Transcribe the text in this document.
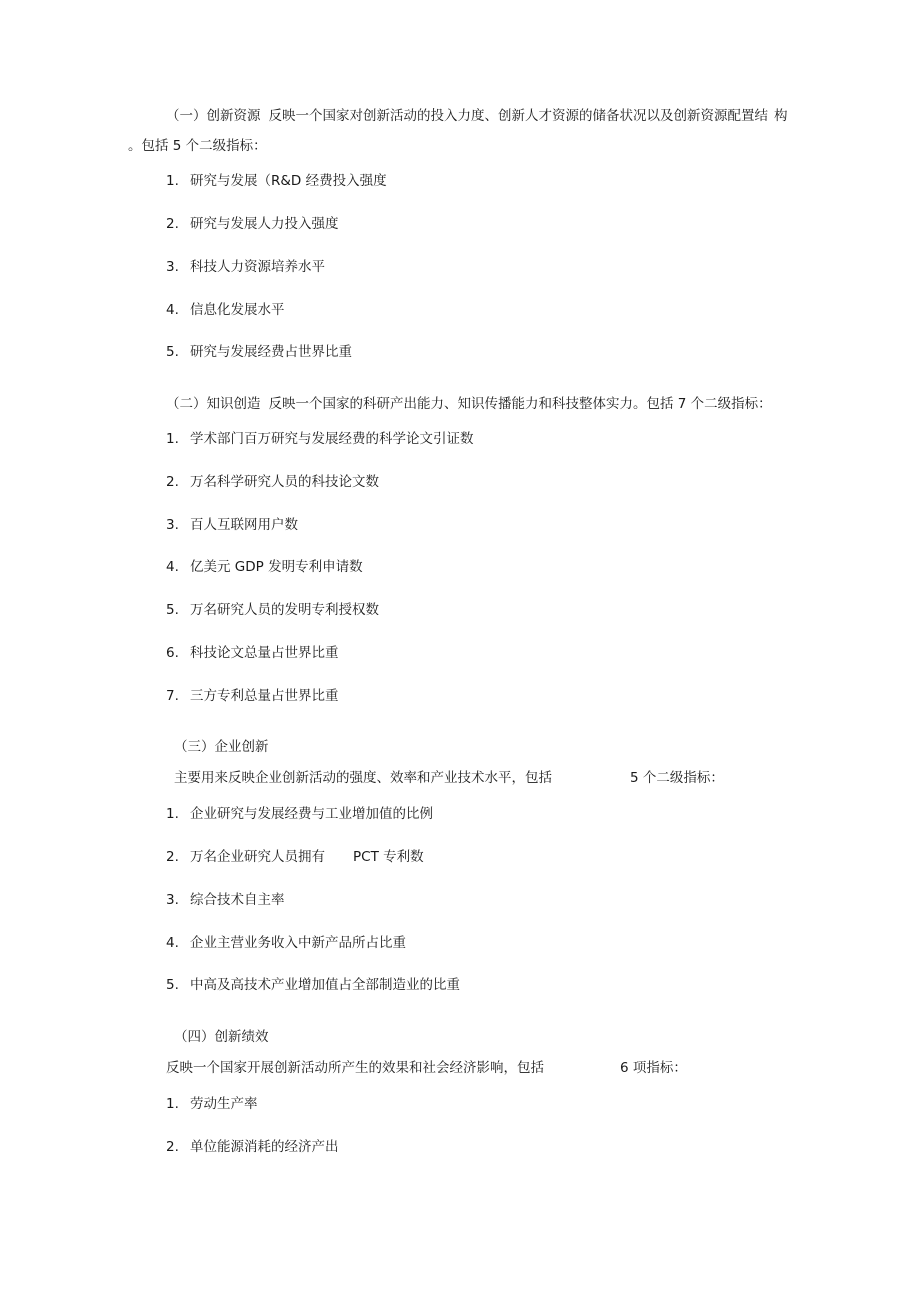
（一）创新资源 反映一个国家对创新活动的投入力度、创新人才资源的储备状况以及创新资源配置结 构
。包括 5 个二级指标：
1. 研究与发展（R&D 经费投入强度
2. 研究与发展人力投入强度
3. 科技人力资源培养水平
4. 信息化发展水平
5. 研究与发展经费占世界比重
（二）知识创造 反映一个国家的科研产出能力、知识传播能力和科技整体实力。包括 7 个二级指标：
1. 学术部门百万研究与发展经费的科学论文引证数
2. 万名科学研究人员的科技论文数
3. 百人互联网用户数
4. 亿美元 GDP 发明专利申请数
5. 万名研究人员的发明专利授权数
6. 科技论文总量占世界比重
7. 三方专利总量占世界比重
（三）企业创新
主要用来反映企业创新活动的强度、效率和产业技术水平，包括	5 个二级指标：
1. 企业研究与发展经费与工业增加值的比例
2. 万名企业研究人员拥有 PCT 专利数
3. 综合技术自主率
4. 企业主营业务收入中新产品所占比重
5. 中高及高技术产业增加值占全部制造业的比重
（四）创新绩效
反映一个国家开展创新活动所产生的效果和社会经济影响，包括	6 项指标：
1. 劳动生产率
2. 单位能源消耗的经济产出
